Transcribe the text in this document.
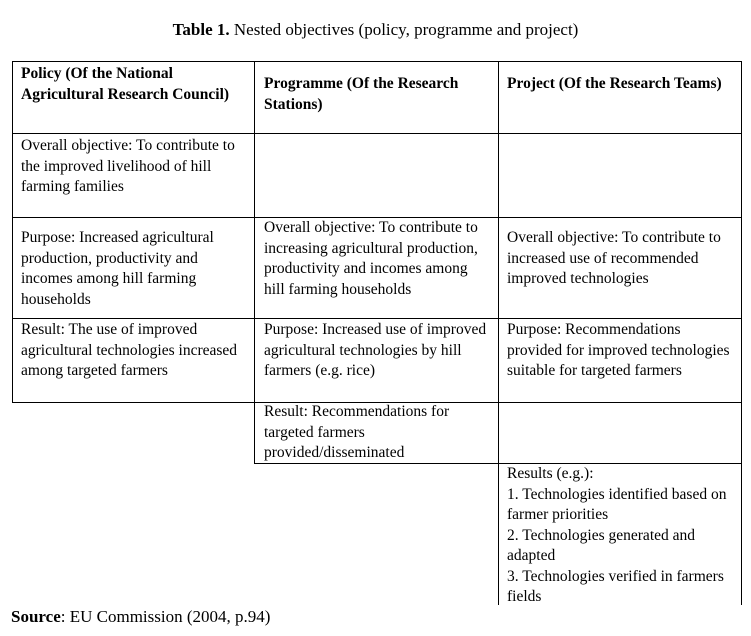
Table 1. Nested objectives (policy, programme and project)
Policy (Of the National Agricultural Research Council)
Programme (Of the Research Stations)
Project (Of the Research Teams)
Overall objective: To contribute to the improved livelihood of hill farming families
Purpose: Increased agricultural production, productivity and incomes among hill farming households
Overall objective: To contribute to increasing agricultural production, productivity and incomes among hill farming households
Overall objective: To contribute to increased use of recommended improved technologies
Result: The use of improved agricultural technologies increased among targeted farmers
Purpose: Increased use of improved agricultural technologies by hill farmers (e.g. rice)
Purpose: Recommendations provided for improved technologies suitable for targeted farmers
Result: Recommendations for targeted farmers provided/disseminated
Results (e.g.):
1. Technologies identified based on farmer priorities
2. Technologies generated and adapted
3. Technologies verified in farmers fields
Source: EU Commission (2004, p.94)
